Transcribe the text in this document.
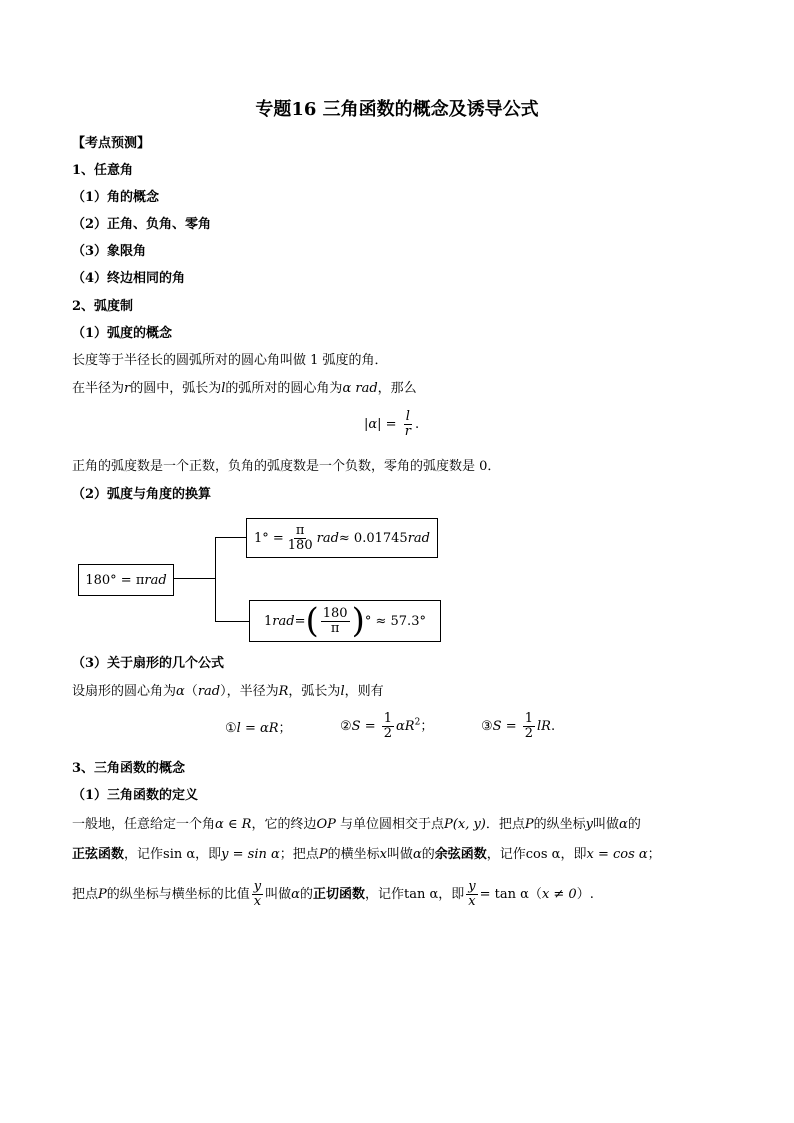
专题16 三角函数的概念及诱导公式
【考点预测】
1、任意角
（1）角的概念
（2）正角、负角、零角
（3）象限角
（4）终边相同的角
2、弧度制
（1）弧度的概念
长度等于半径长的圆弧所对的圆心角叫做 1 弧度的角．
在半径为r的圆中，弧长为l的弧所对的圆心角为α rad，那么
$|\alpha| = \frac{l}{r}$ .
正角的弧度数是一个正数，负角的弧度数是一个负数，零角的弧度数是 0．
（2）弧度与角度的换算
180° = π rad
$1^\circ = \frac{\pi}{180}$ rad ≈ 0.01745 rad
1 rad = ( $\frac{180}{\pi}$ ) ° ≈ 57.3°
（3）关于扇形的几个公式
设扇形的圆心角为α（rad），半径为R，弧长为l，则有
①l = αR；	②S = $\frac{1}{2} \alpha R^2$；	③S = $\frac{1}{2}$ lR.
3、三角函数的概念
（1）三角函数的定义
一般地，任意给定一个角α ∈ R，它的终边OP 与单位圆相交于点P(x, y)．把点P的纵坐标y叫做α的
正弦函数，记作sin α，即y = sin α；把点P的横坐标x叫做α的余弦函数，记作cos α，即x = cos α；
把点P的纵坐标与横坐标的比值 $\frac{y}{x}$ 叫做α的正切函数，记作tan α，即 $\frac{y}{x} = \tan \alpha(x \ne 0)$.
